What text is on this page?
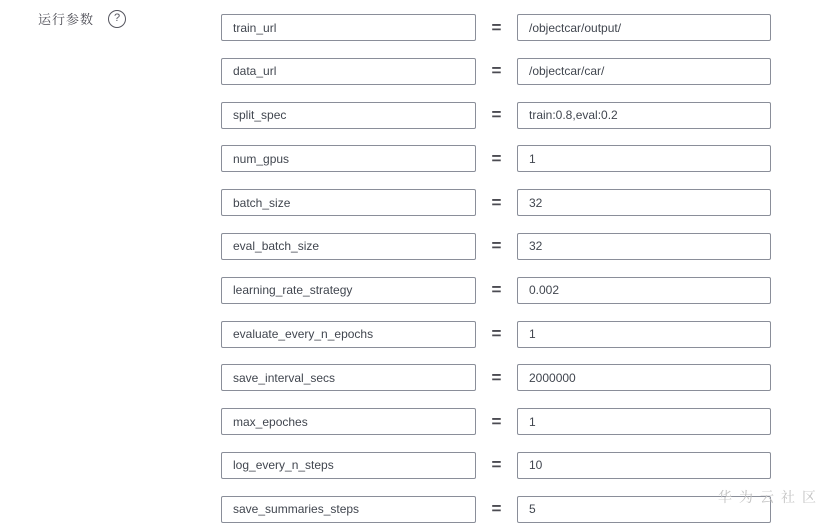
运行参数	?
train_url	=
/objectcar/output/
data_url
=
/objectcar/car/
split_spec
=
train:0.8,eval:0.2
num_gpus
=
1
batch_size
=
32
eval_batch_size
=
32
learning_rate_strategy
=
0.002
evaluate_every_n_epochs
=
1
save_interval_secs
=
2000000
max_epoches
=
1
log_every_n_steps
=
10
save_summaries_steps
=
5
华为云社区
